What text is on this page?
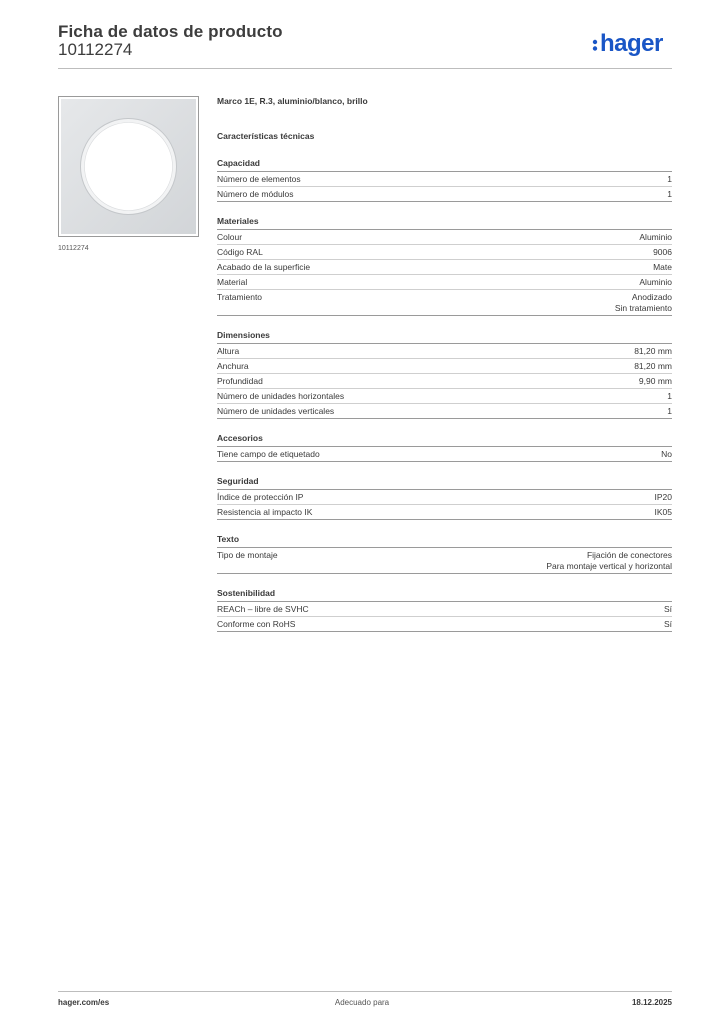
Ficha de datos de producto
10112274	hager
10112274
Marco 1E, R.3, aluminio/blanco, brillo
Características técnicas
Capacidad
Número de elementos	1
Número de módulos	1
Materiales
Colour	Aluminio
Código RAL	9006
Acabado de la superficie	Mate
Material	Aluminio
Tratamiento	Anodizado
Sin tratamiento
Dimensiones
Altura	81,20 mm
Anchura	81,20 mm
Profundidad	9,90 mm
Número de unidades horizontales	1
Número de unidades verticales	1
Accesorios
Tiene campo de etiquetado	No
Seguridad
Índice de protección IP	IP20
Resistencia al impacto IK	IK05
Texto
Tipo de montaje	Fijación de conectores
Para montaje vertical y horizontal
Sostenibilidad
REACh – libre de SVHC	Sí
Conforme con RoHS	Sí
hager.com/es	Adecuado para	18.12.2025
